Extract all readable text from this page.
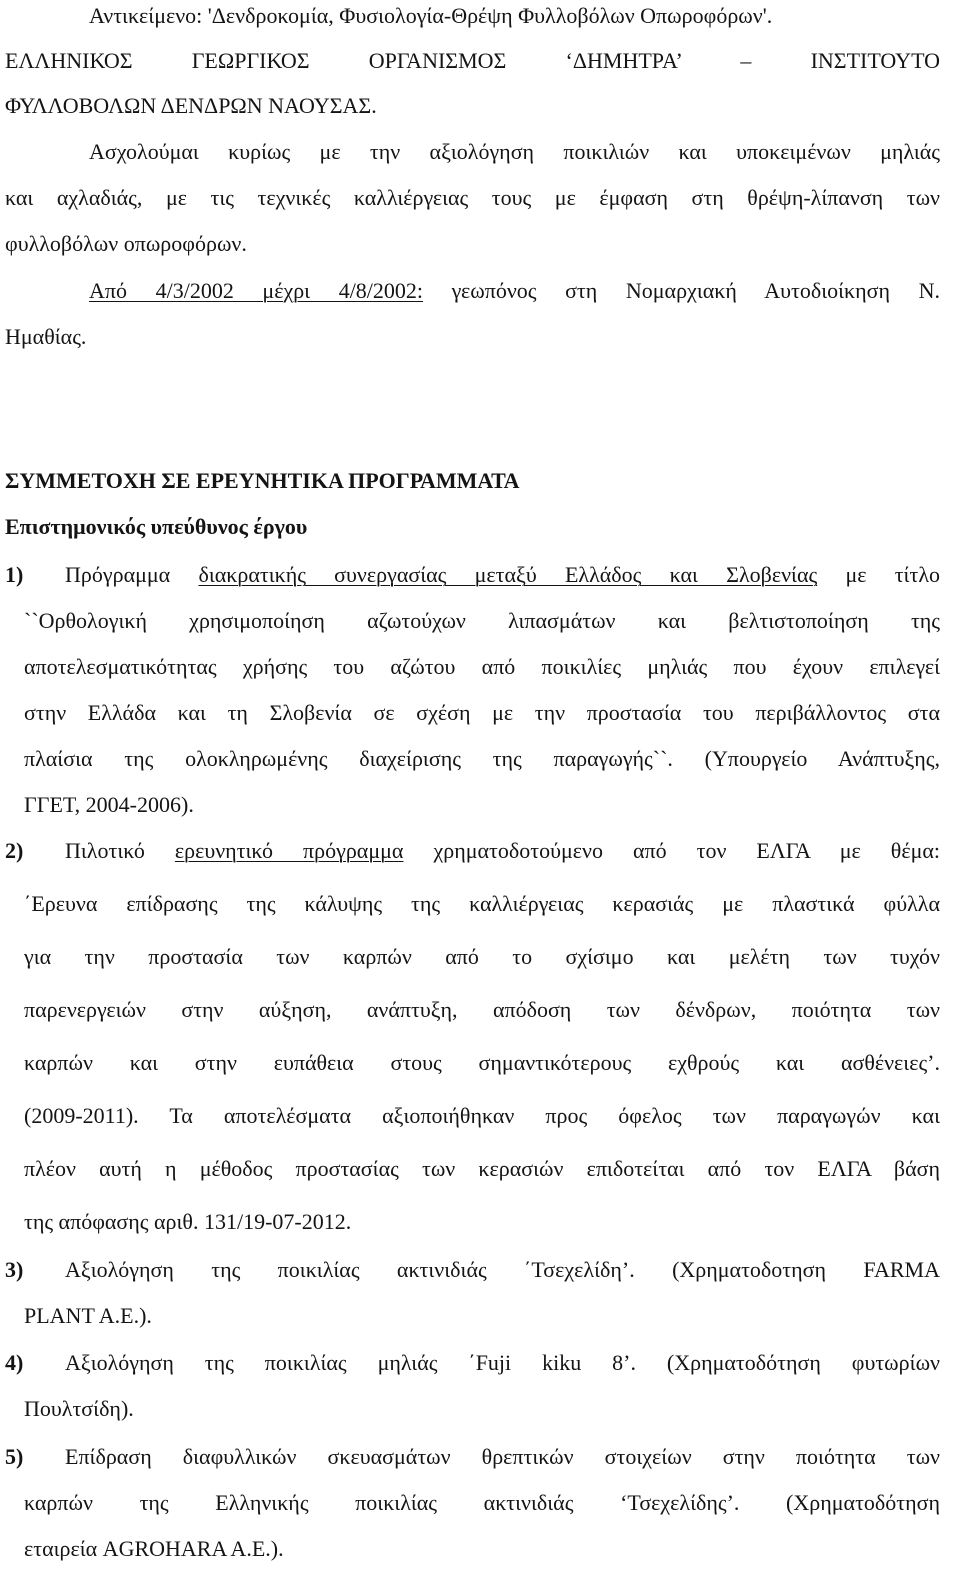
Αντικείμενο: 'Δενδροκομία, Φυσιολογία-Θρέψη Φυλλοβόλων Οπωροφόρων'.
ΕΛΛΗΝΙΚΟΣ ΓΕΩΡΓΙΚΟΣ ΟΡΓΑΝΙΣΜΟΣ ‘ΔΗΜΗΤΡΑ’ – ΙΝΣΤΙΤΟΥΤΟ
ΦΥΛΛΟΒΟΛΩΝ ΔΕΝΔΡΩΝ ΝΑΟΥΣΑΣ.
Ασχολούμαι κυρίως με την αξιολόγηση ποικιλιών και υποκειμένων μηλιάς
και αχλαδιάς, με τις τεχνικές καλλιέργειας τους με έμφαση στη θρέψη-λίπανση των
φυλλοβόλων οπωροφόρων.
Από 4/3/2002 μέχρι 4/8/2002: γεωπόνος στη Νομαρχιακή Αυτοδιοίκηση Ν.
Ημαθίας.
ΣΥΜΜΕΤΟΧΗ ΣΕ ΕΡΕΥΝΗΤΙΚΑ ΠΡΟΓΡΑΜΜΑΤΑ
Επιστημονικός υπεύθυνος έργου
1) Πρόγραμμα διακρατικής συνεργασίας μεταξύ Ελλάδος και Σλοβενίας με τίτλο
``Ορθολογική χρησιμοποίηση αζωτούχων λιπασμάτων και βελτιστοποίηση της
αποτελεσματικότητας χρήσης του αζώτου από ποικιλίες μηλιάς που έχουν επιλεγεί
στην Ελλάδα και τη Σλοβενία σε σχέση με την προστασία του περιβάλλοντος στα
πλαίσια της ολοκληρωμένης διαχείρισης της παραγωγής``. (Υπουργείο Ανάπτυξης,
ΓΓΕΤ, 2004-2006).
2) Πιλοτικό ερευνητικό πρόγραμμα χρηματοδοτούμενο από τον ΕΛΓΑ με θέμα:
΄Ερευνα επίδρασης της κάλυψης της καλλιέργειας κερασιάς με πλαστικά φύλλα
για την προστασία των καρπών από το σχίσιμο και μελέτη των τυχόν
παρενεργειών στην αύξηση, ανάπτυξη, απόδοση των δένδρων, ποιότητα των
καρπών και στην ευπάθεια στους σημαντικότερους εχθρούς και ασθένειες’.
(2009-2011). Τα αποτελέσματα αξιοποιήθηκαν προς όφελος των παραγωγών και
πλέον αυτή η μέθοδος προστασίας των κερασιών επιδοτείται από τον ΕΛΓΑ βάση
της απόφασης αριθ. 131/19-07-2012.
3) Αξιολόγηση της ποικιλίας ακτινιδιάς ΄Τσεχελίδη’. (Χρηματοδοτηση FARMA
PLANT A.E.).
4) Αξιολόγηση της ποικιλίας μηλιάς ΄Fuji kiku 8’. (Χρηματοδότηση φυτωρίων
Πουλτσίδη).
5) Επίδραση διαφυλλικών σκευασμάτων θρεπτικών στοιχείων στην ποιότητα των
καρπών της Ελληνικής ποικιλίας ακτινιδιάς ‘Τσεχελίδης’. (Χρηματοδότηση
εταιρεία AGROHARA A.E.).
